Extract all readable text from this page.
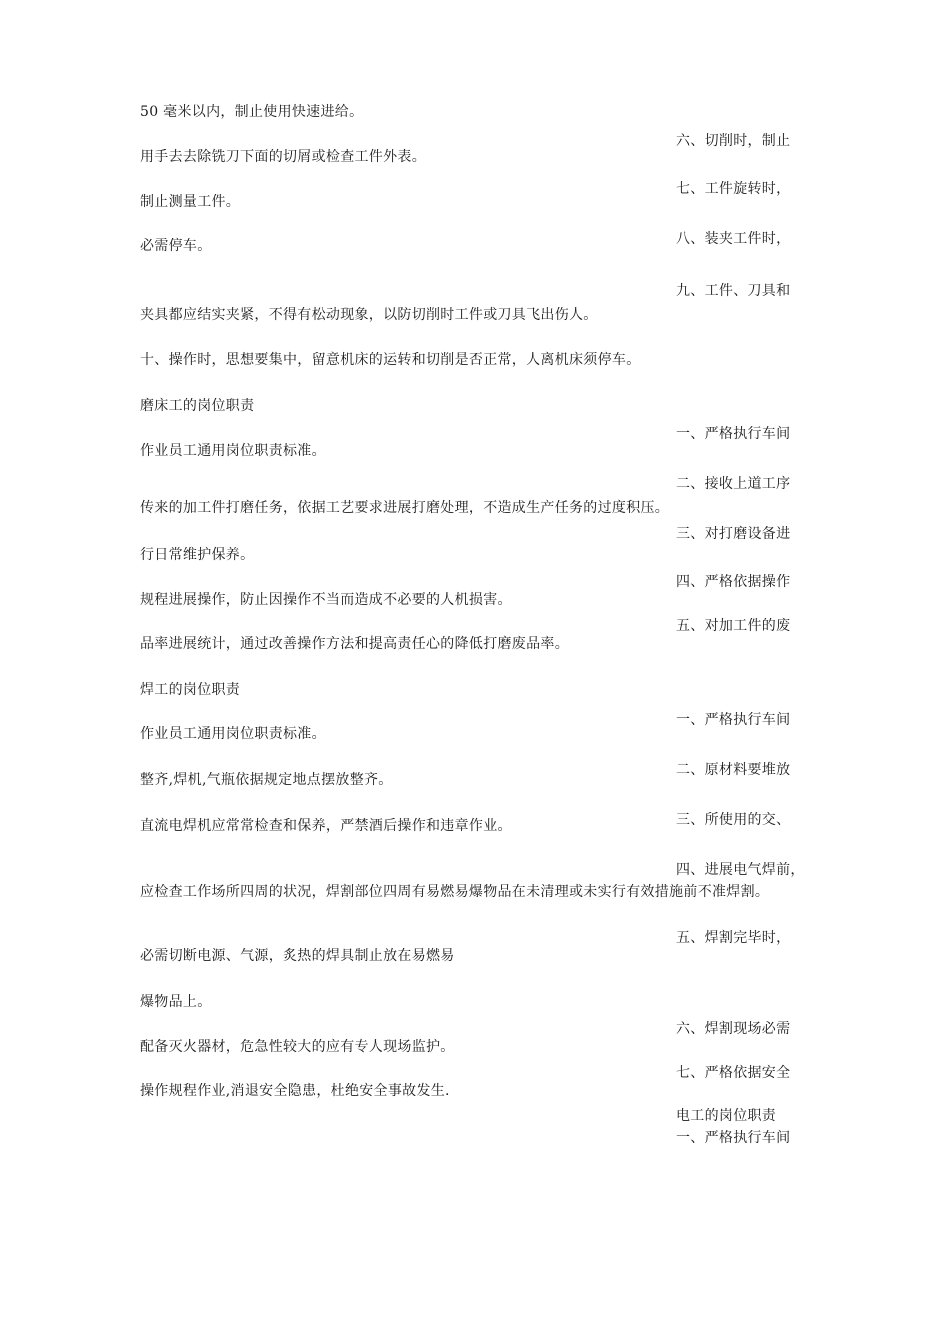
50 毫米以内，制止使用快速进给。
六、切削时，制止
用手去去除铣刀下面的切屑或检查工件外表。
七、工件旋转时，
制止测量工件。
八、装夹工件时，
必需停车。
九、工件、刀具和
夹具都应结实夹紧，不得有松动现象，以防切削时工件或刀具飞出伤人。
十、操作时，思想要集中，留意机床的运转和切削是否正常，人离机床须停车。
磨床工的岗位职责
一、严格执行车间
作业员工通用岗位职责标准。
二、接收上道工序
传来的加工件打磨任务，依据工艺要求进展打磨处理，不造成生产任务的过度积压。
三、对打磨设备进
行日常维护保养。
四、严格依据操作
规程进展操作，防止因操作不当而造成不必要的人机损害。
五、对加工件的废
品率进展统计，通过改善操作方法和提高责任心的降低打磨废品率。
焊工的岗位职责
一、严格执行车间
作业员工通用岗位职责标准。
二、原材料要堆放
整齐,焊机,气瓶依据规定地点摆放整齐。
三、所使用的交、
直流电焊机应常常检查和保养，严禁酒后操作和违章作业。
四、进展电气焊前，
应检查工作场所四周的状况，焊割部位四周有易燃易爆物品在未清理或未实行有效措施前不准焊割。
五、焊割完毕时，
必需切断电源、气源，炙热的焊具制止放在易燃易
爆物品上。
六、焊割现场必需
配备灭火器材，危急性较大的应有专人现场监护。
七、严格依据安全
操作规程作业,消退安全隐患，杜绝安全事故发生.
电工的岗位职责
一、严格执行车间
